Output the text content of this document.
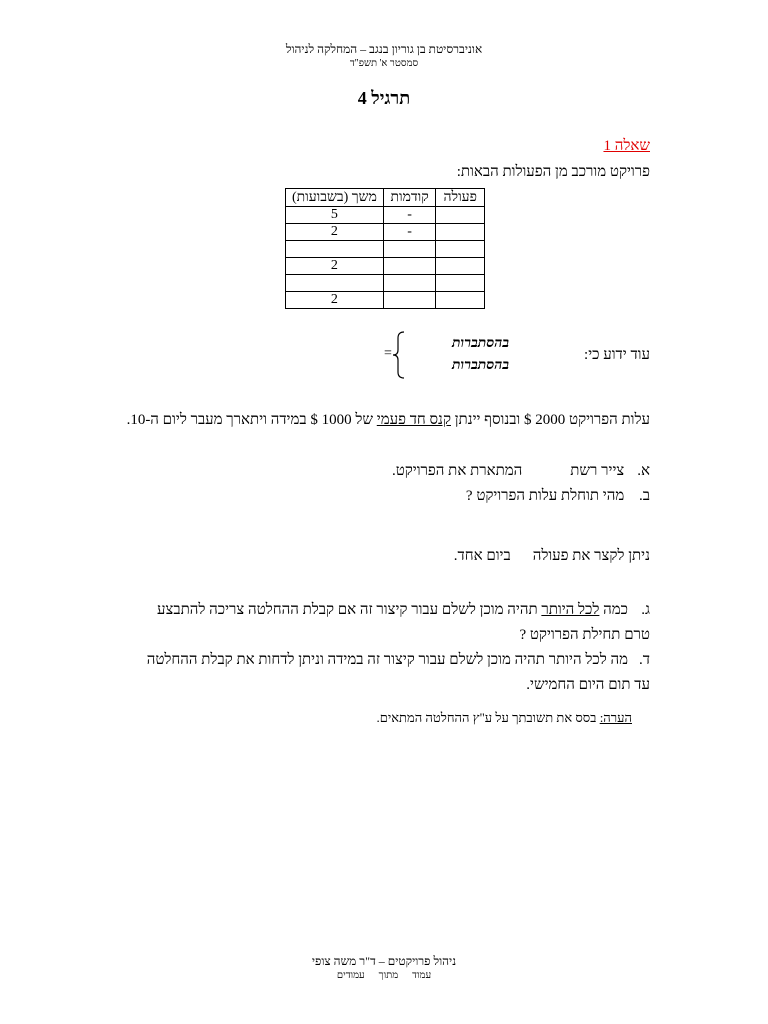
אוניברסיטת בן גוריון בנגב – המחלקה לניהול
סמסטר א' תשפ"ד
תרגיל 4
שאלה 1
פרויקט מורכב מן הפעולות הבאות:
פעולה	קודמות	משך (בשבועות)
	-	5
	-	2

		2

		2
עוד ידוע כי:
בהסתברות
בהסתברות
=
עלות הפרויקט 2000 $ ובנוסף יינתן קנס חד פעמי של 1000 $ במידה ויתארך מעבר ליום ה-10.
א. צייר רשתהמתארת את הפרויקט.
ב. מהי תוחלת עלות הפרויקט ?
ניתן לקצר את פעולהביום אחד.
ג.כמה לכל היותר תהיה מוכן לשלם עבור קיצור זה אם קבלת ההחלטה צריכה להתבצע טרם תחילת הפרויקט ?
ד.מה לכל היותר תהיה מוכן לשלם עבור קיצור זה במידה וניתן לדחות את קבלת ההחלטה עד תום היום החמישי.
הערה: בסס את תשובתך על ע"ץ ההחלטה המתאים.
ניהול פרויקטים – ד"ר משה צופי
עמודמתוךעמודים
